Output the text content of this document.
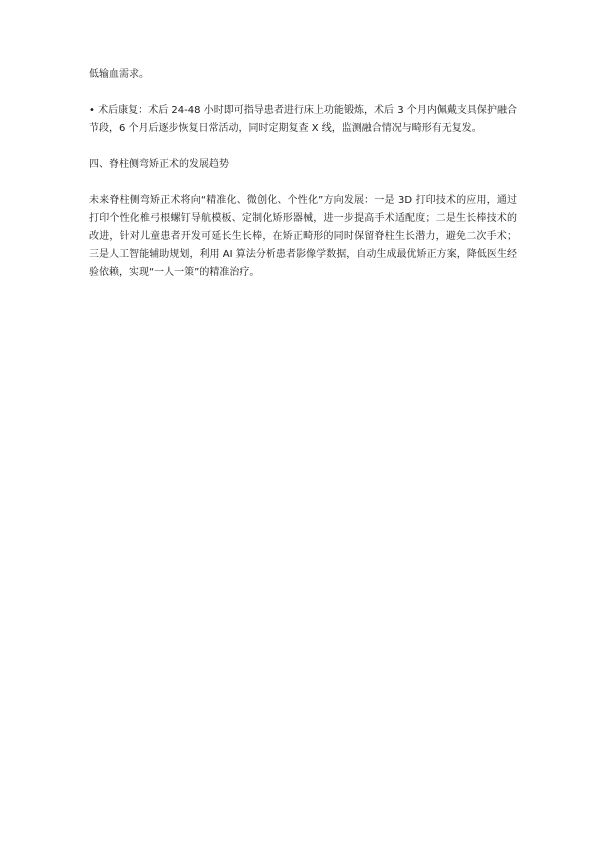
低输血需求。

• 术后康复：术后 24-48 小时即可指导患者进行床上功能锻炼，术后 3 个月内佩戴支具保护融合节段，6 个月后逐步恢复日常活动，同时定期复查 X 线，监测融合情况与畸形有无复发。

四、脊柱侧弯矫正术的发展趋势

未来脊柱侧弯矫正术将向“精准化、微创化、个性化”方向发展：一是 3D 打印技术的应用，通过打印个性化椎弓根螺钉导航模板、定制化矫形器械，进一步提高手术适配度；二是生长棒技术的改进，针对儿童患者开发可延长生长棒，在矫正畸形的同时保留脊柱生长潜力，避免二次手术；三是人工智能辅助规划，利用 AI 算法分析患者影像学数据，自动生成最优矫正方案，降低医生经验依赖，实现“一人一策”的精准治疗。
